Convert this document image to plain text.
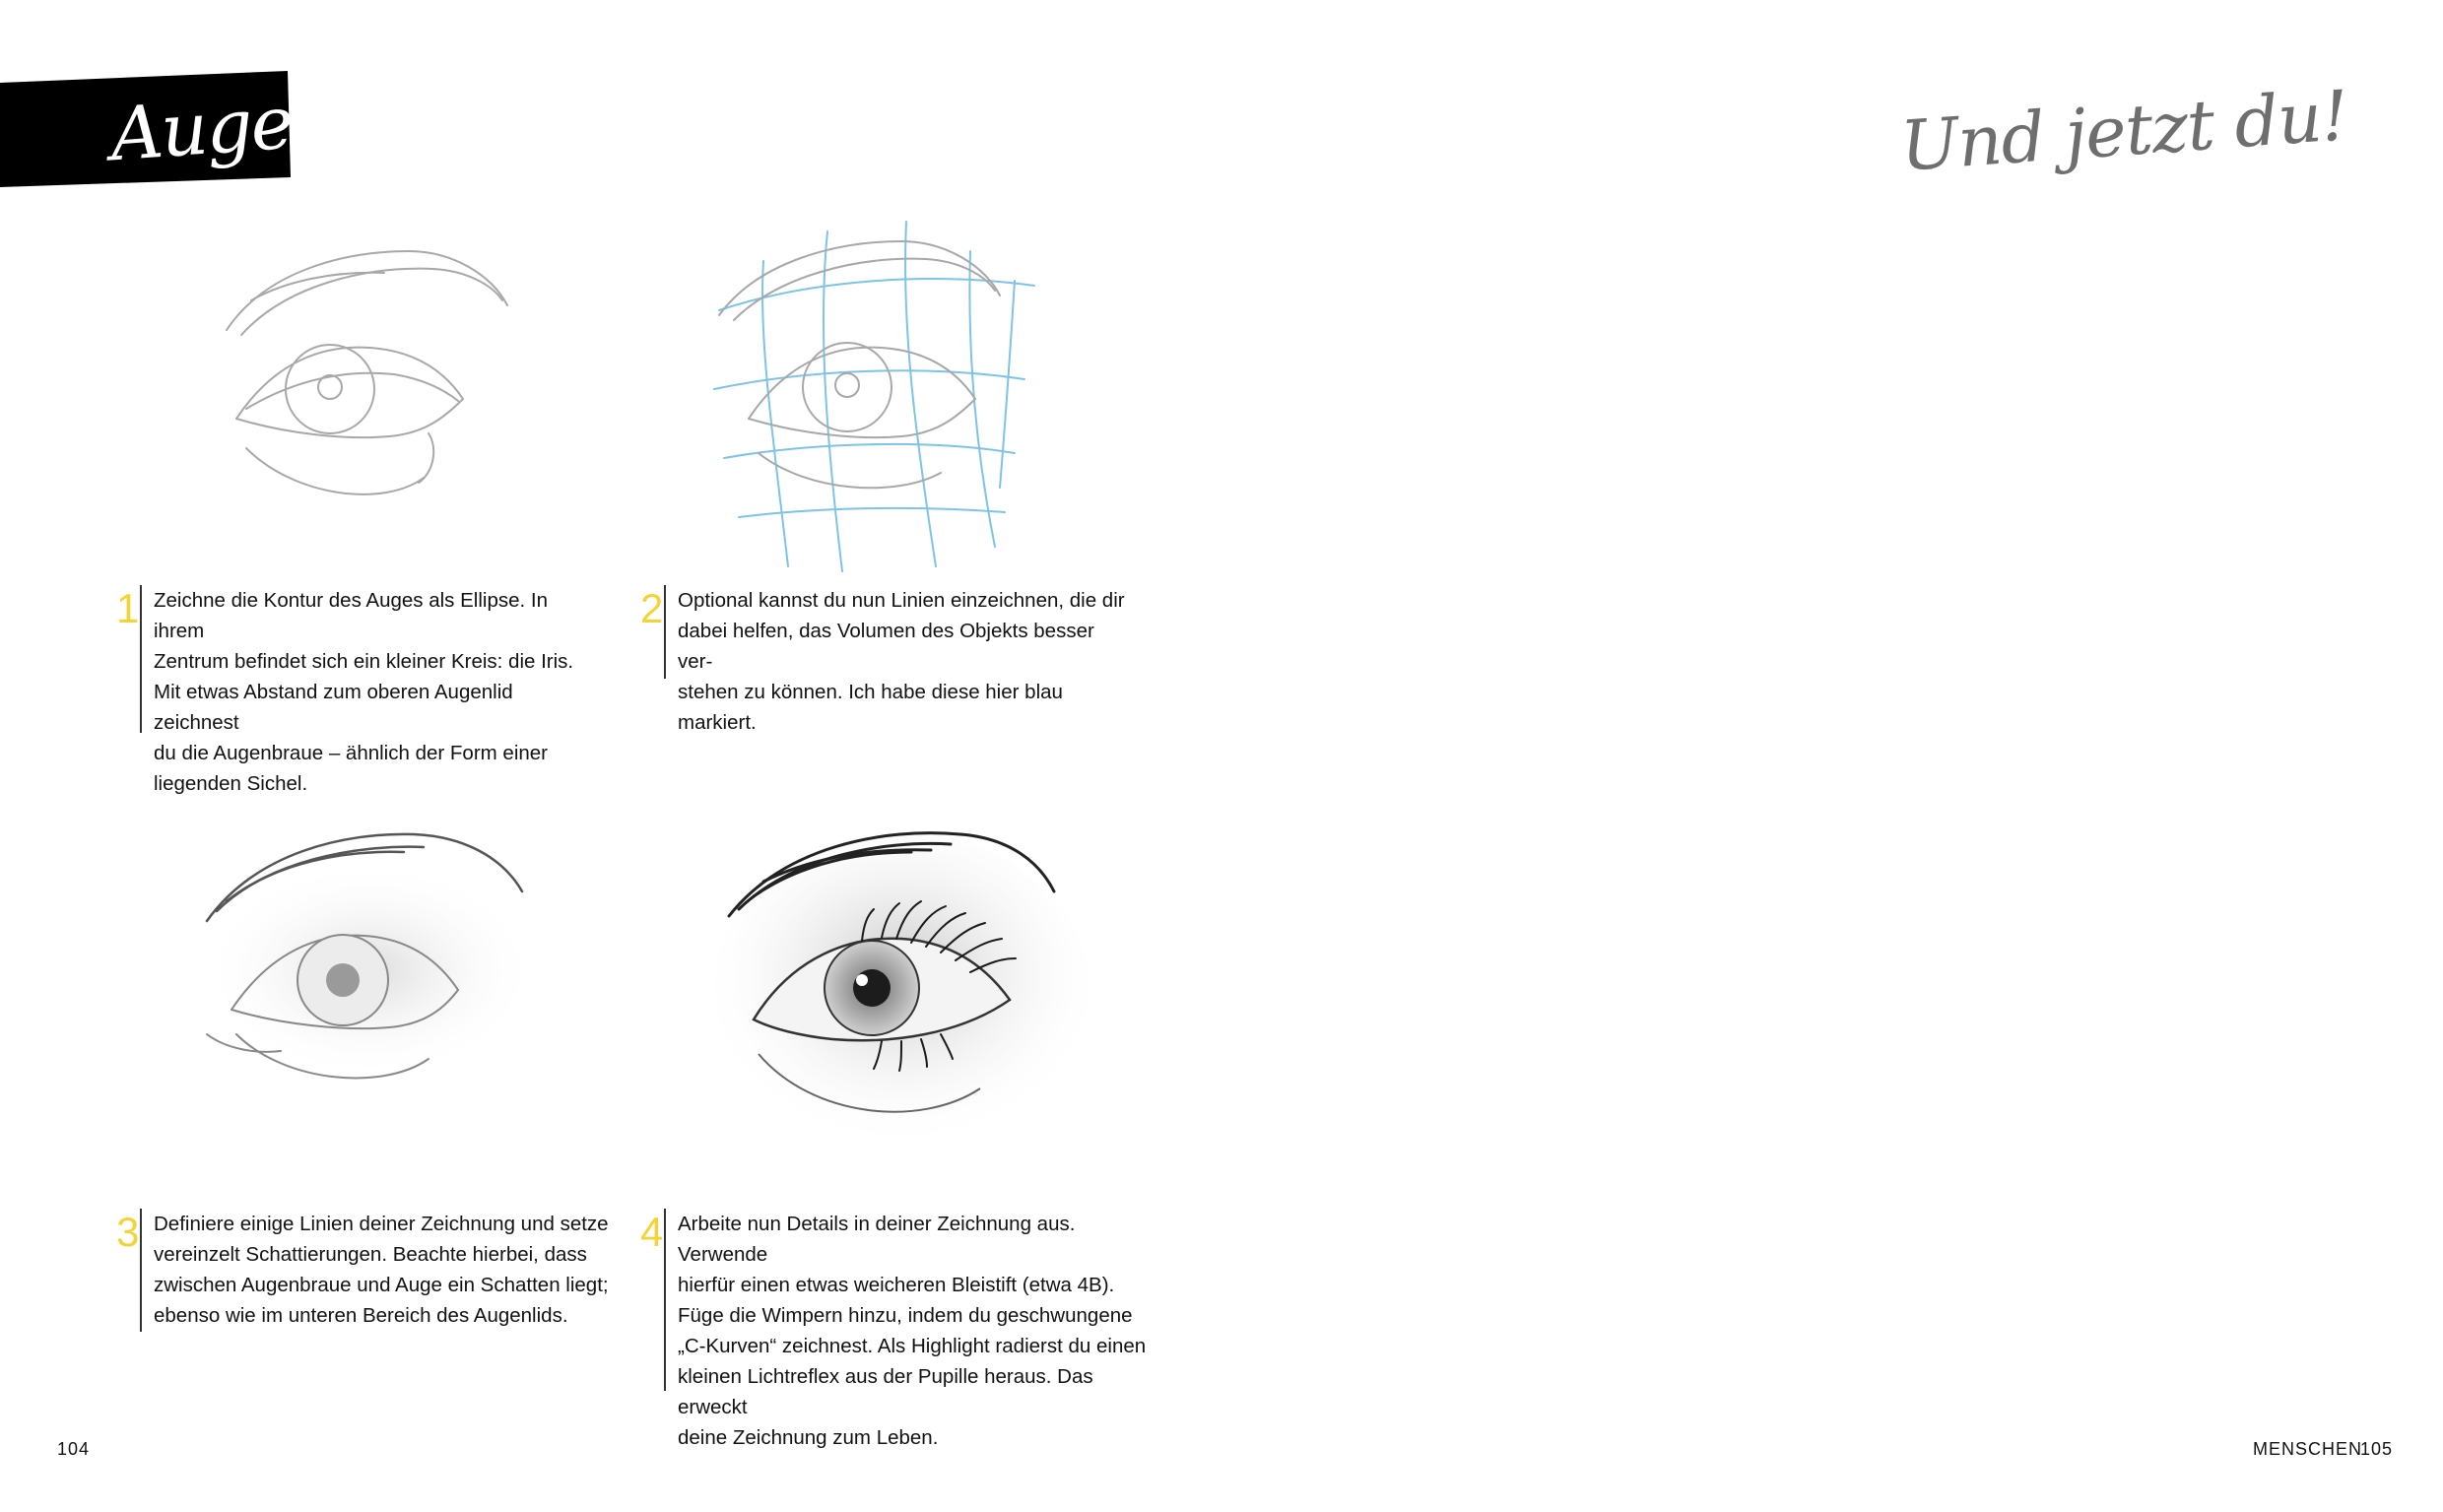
Auge
1 Zeichne die Kontur des Auges als Ellipse. In ihrem
Zentrum befindet sich ein kleiner Kreis: die Iris.
Mit etwas Abstand zum oberen Augenlid zeichnest
du die Augenbraue – ähnlich der Form einer
liegenden Sichel.
2 Optional kannst du nun Linien einzeichnen, die dir
dabei helfen, das Volumen des Objekts besser ver-
stehen zu können. Ich habe diese hier blau markiert.
3 Definiere einige Linien deiner Zeichnung und setze
vereinzelt Schattierungen. Beachte hierbei, dass
zwischen Augenbraue und Auge ein Schatten liegt;
ebenso wie im unteren Bereich des Augenlids.
4 Arbeite nun Details in deiner Zeichnung aus. Verwende
hierfür einen etwas weicheren Bleistift (etwa 4B).
Füge die Wimpern hinzu, indem du geschwungene
„C-Kurven“ zeichnest. Als Highlight radierst du einen
kleinen Lichtreflex aus der Pupille heraus. Das erweckt
deine Zeichnung zum Leben.
104
Und jetzt du!
MENSCHEN
105
